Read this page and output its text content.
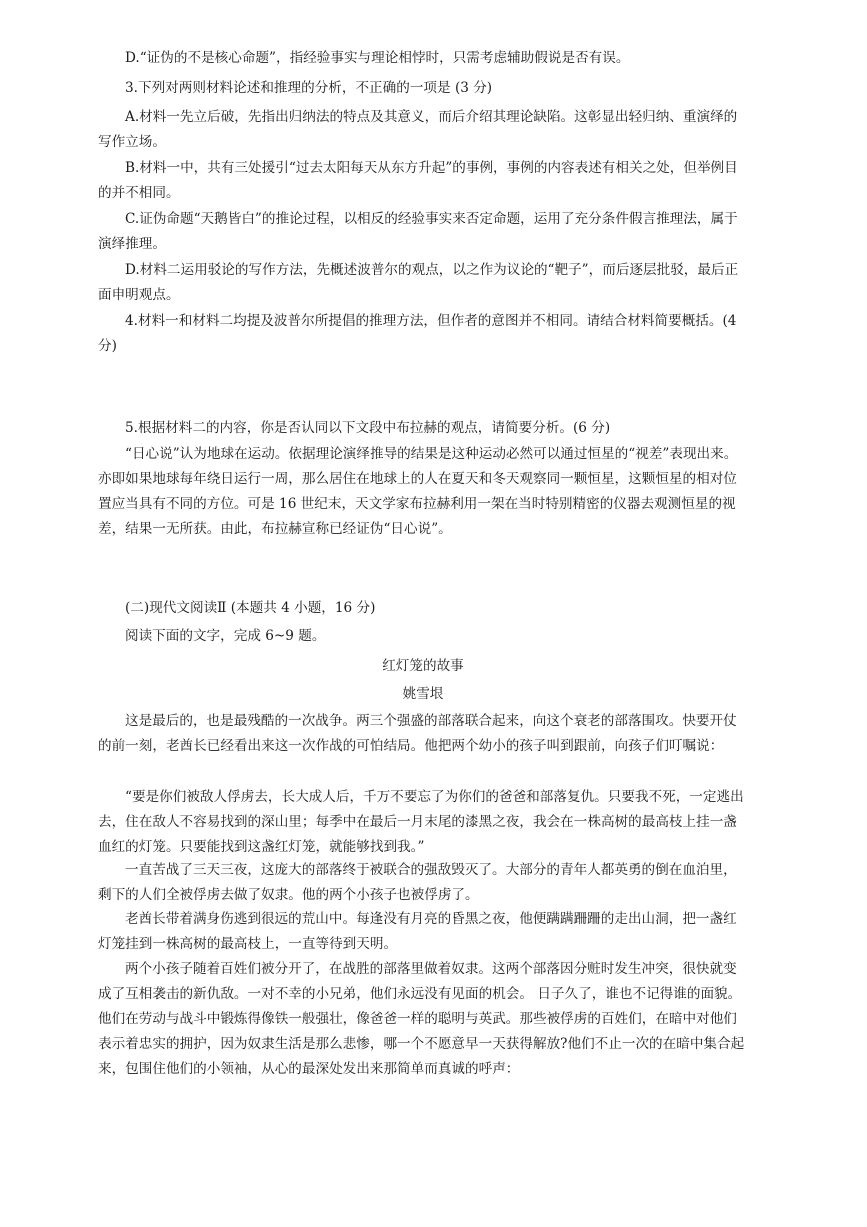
D.“证伪的不是核心命题”，指经验事实与理论相悖时，只需考虑辅助假说是否有误。

3.下列对两则材料论述和推理的分析，不正确的一项是 (3 分)

A.材料一先立后破，先指出归纳法的特点及其意义，而后介绍其理论缺陷。这彰显出轻归纳、重演绎的写作立场。

B.材料一中，共有三处援引“过去太阳每天从东方升起”的事例，事例的内容表述有相关之处，但举例目的并不相同。

C.证伪命题“天鹅皆白”的推论过程，以相反的经验事实来否定命题，运用了充分条件假言推理法，属于演绎推理。

D.材料二运用驳论的写作方法，先概述波普尔的观点，以之作为议论的“靶子”，而后逐层批驳，最后正面申明观点。

4.材料一和材料二均提及波普尔所提倡的推理方法，但作者的意图并不相同。请结合材料简要概括。(4 分)

5.根据材料二的内容，你是否认同以下文段中布拉赫的观点，请简要分析。(6 分)

“日心说”认为地球在运动。依据理论演绎推导的结果是这种运动必然可以通过恒星的“视差”表现出来。亦即如果地球每年绕日运行一周，那么居住在地球上的人在夏天和冬天观察同一颗恒星，这颗恒星的相对位置应当具有不同的方位。可是 16 世纪末，天文学家布拉赫利用一架在当时特别精密的仪器去观测恒星的视差，结果一无所获。由此，布拉赫宣称已经证伪“日心说”。

(二)现代文阅读Ⅱ (本题共 4 小题，16 分)

阅读下面的文字，完成 6~9 题。

红灯笼的故事

姚雪垠

这是最后的，也是最残酷的一次战争。两三个强盛的部落联合起来，向这个衰老的部落围攻。快要开仗的前一刻，老酋长已经看出来这一次作战的可怕结局。他把两个幼小的孩子叫到跟前，向孩子们叮嘱说：

“要是你们被敌人俘虏去，长大成人后，千万不要忘了为你们的爸爸和部落复仇。只要我不死，一定逃出去，住在敌人不容易找到的深山里；每季中在最后一月末尾的漆黑之夜，我会在一株高树的最高枝上挂一盏血红的灯笼。只要能找到这盏红灯笼，就能够找到我。”

一直苦战了三天三夜，这庞大的部落终于被联合的强敌毁灭了。大部分的青年人都英勇的倒在血泊里，剩下的人们全被俘虏去做了奴隶。他的两个小孩子也被俘虏了。

老酋长带着满身伤逃到很远的荒山中。每逢没有月亮的昏黑之夜，他便蹒蹒跚跚的走出山洞，把一盏红灯笼挂到一株高树的最高枝上，一直等待到天明。

两个小孩子随着百姓们被分开了，在战胜的部落里做着奴隶。这两个部落因分赃时发生冲突，很快就变成了互相袭击的新仇敌。一对不幸的小兄弟，他们永远没有见面的机会。 日子久了，谁也不记得谁的面貌。他们在劳动与战斗中锻炼得像铁一般强壮，像爸爸一样的聪明与英武。那些被俘虏的百姓们，在暗中对他们表示着忠实的拥护，因为奴隶生活是那么悲惨，哪一个不愿意早一天获得解放?他们不止一次的在暗中集合起来，包围住他们的小领袖，从心的最深处发出来那简单而真诚的呼声：
